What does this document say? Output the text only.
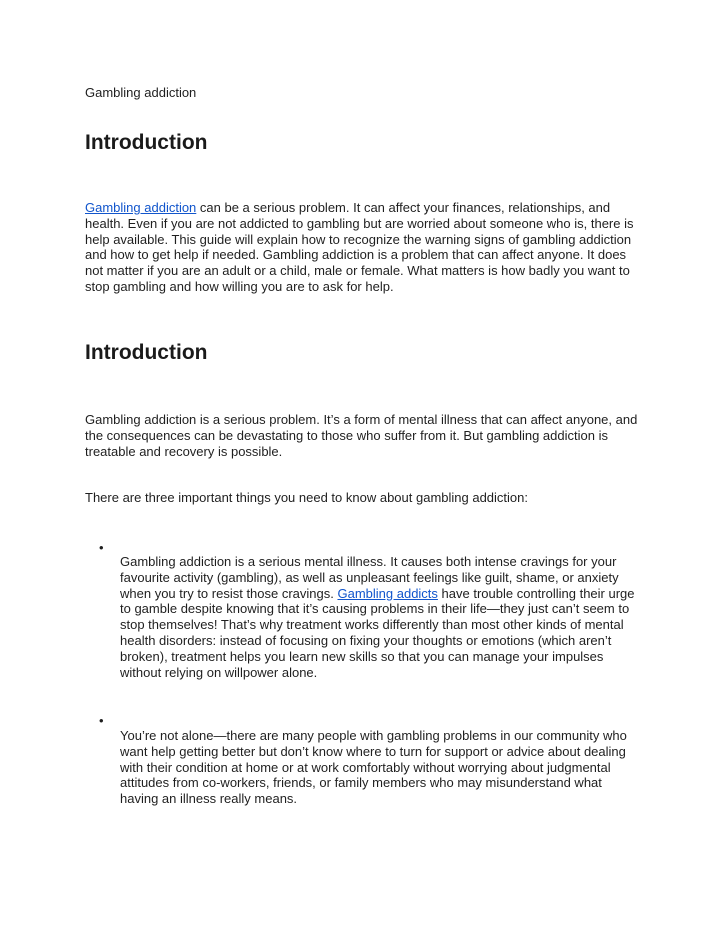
Gambling addiction
Introduction

Gambling addiction can be a serious problem. It can affect your finances, relationships, and health. Even if you are not addicted to gambling but are worried about someone who is, there is help available. This guide will explain how to recognize the warning signs of gambling addiction and how to get help if needed. Gambling addiction is a problem that can affect anyone. It does not matter if you are an adult or a child, male or female. What matters is how badly you want to stop gambling and how willing you are to ask for help.

Introduction

Gambling addiction is a serious problem. It’s a form of mental illness that can affect anyone, and the consequences can be devastating to those who suffer from it. But gambling addiction is treatable and recovery is possible.

There are three important things you need to know about gambling addiction:

•
Gambling addiction is a serious mental illness. It causes both intense cravings for your favourite activity (gambling), as well as unpleasant feelings like guilt, shame, or anxiety when you try to resist those cravings. Gambling addicts have trouble controlling their urge to gamble despite knowing that it’s causing problems in their life—they just can’t seem to stop themselves! That’s why treatment works differently than most other kinds of mental health disorders: instead of focusing on fixing your thoughts or emotions (which aren’t broken), treatment helps you learn new skills so that you can manage your impulses without relying on willpower alone.
•
You’re not alone—there are many people with gambling problems in our community who want help getting better but don’t know where to turn for support or advice about dealing with their condition at home or at work comfortably without worrying about judgmental attitudes from co-workers, friends, or family members who may misunderstand what having an illness really means.
